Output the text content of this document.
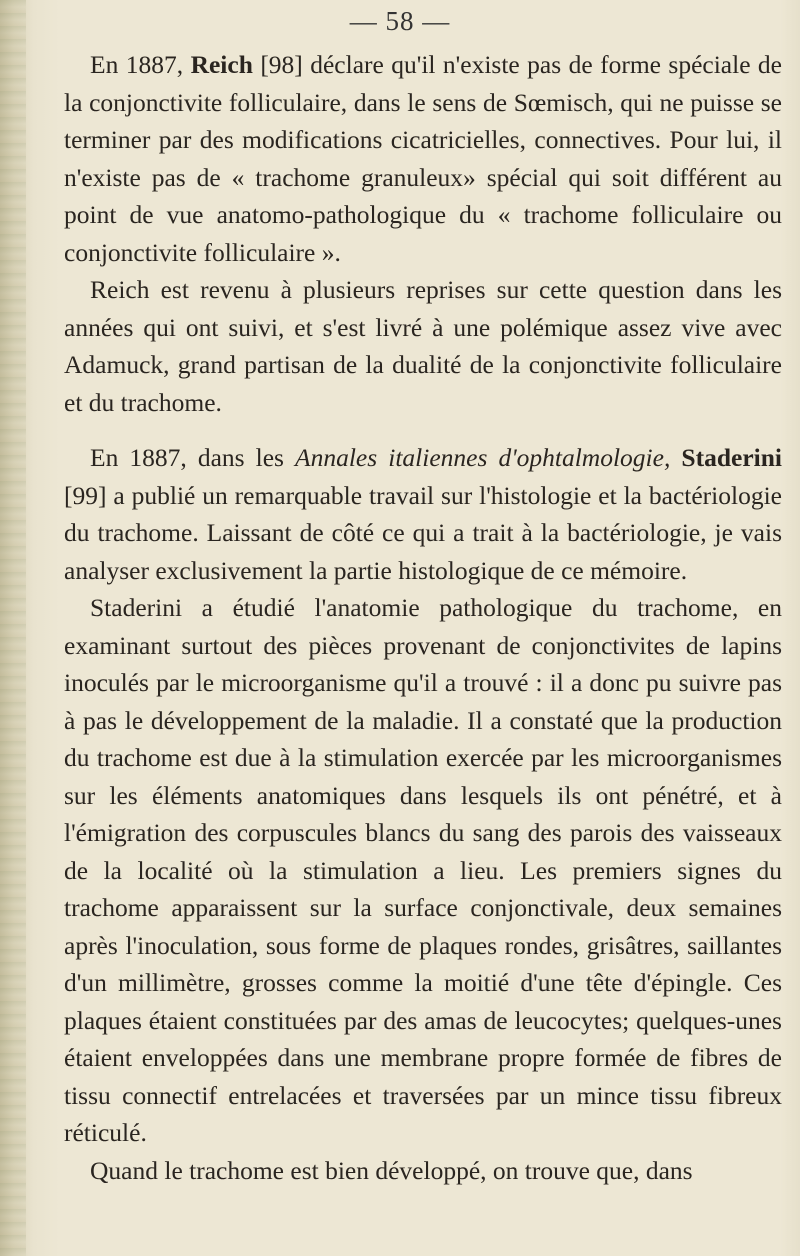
— 58 —

En 1887, Reich [98] déclare qu'il n'existe pas de forme spéciale de la conjonctivite folliculaire, dans le sens de Sœmisch, qui ne puisse se terminer par des modifications cicatricielles, connectives. Pour lui, il n'existe pas de « trachome granuleux» spécial qui soit différent au point de vue anatomo-pathologique du « trachome folliculaire ou conjonctivite folliculaire ».

Reich est revenu à plusieurs reprises sur cette question dans les années qui ont suivi, et s'est livré à une polémique assez vive avec Adamuck, grand partisan de la dualité de la conjonctivite folliculaire et du trachome.

En 1887, dans les Annales italiennes d'ophtalmologie, Staderini [99] a publié un remarquable travail sur l'histologie et la bactériologie du trachome. Laissant de côté ce qui a trait à la bactériologie, je vais analyser exclusivement la partie histologique de ce mémoire.

Staderini a étudié l'anatomie pathologique du trachome, en examinant surtout des pièces provenant de conjonctivites de lapins inoculés par le microorganisme qu'il a trouvé : il a donc pu suivre pas à pas le développement de la maladie. Il a constaté que la production du trachome est due à la stimulation exercée par les microorganismes sur les éléments anatomiques dans lesquels ils ont pénétré, et à l'émigration des corpuscules blancs du sang des parois des vaisseaux de la localité où la stimulation a lieu. Les premiers signes du trachome apparaissent sur la surface conjonctivale, deux semaines après l'inoculation, sous forme de plaques rondes, grisâtres, saillantes d'un millimètre, grosses comme la moitié d'une tête d'épingle. Ces plaques étaient constituées par des amas de leucocytes; quelques-unes étaient enveloppées dans une membrane propre formée de fibres de tissu connectif entrelacées et traversées par un mince tissu fibreux réticulé.

Quand le trachome est bien développé, on trouve que, dans
